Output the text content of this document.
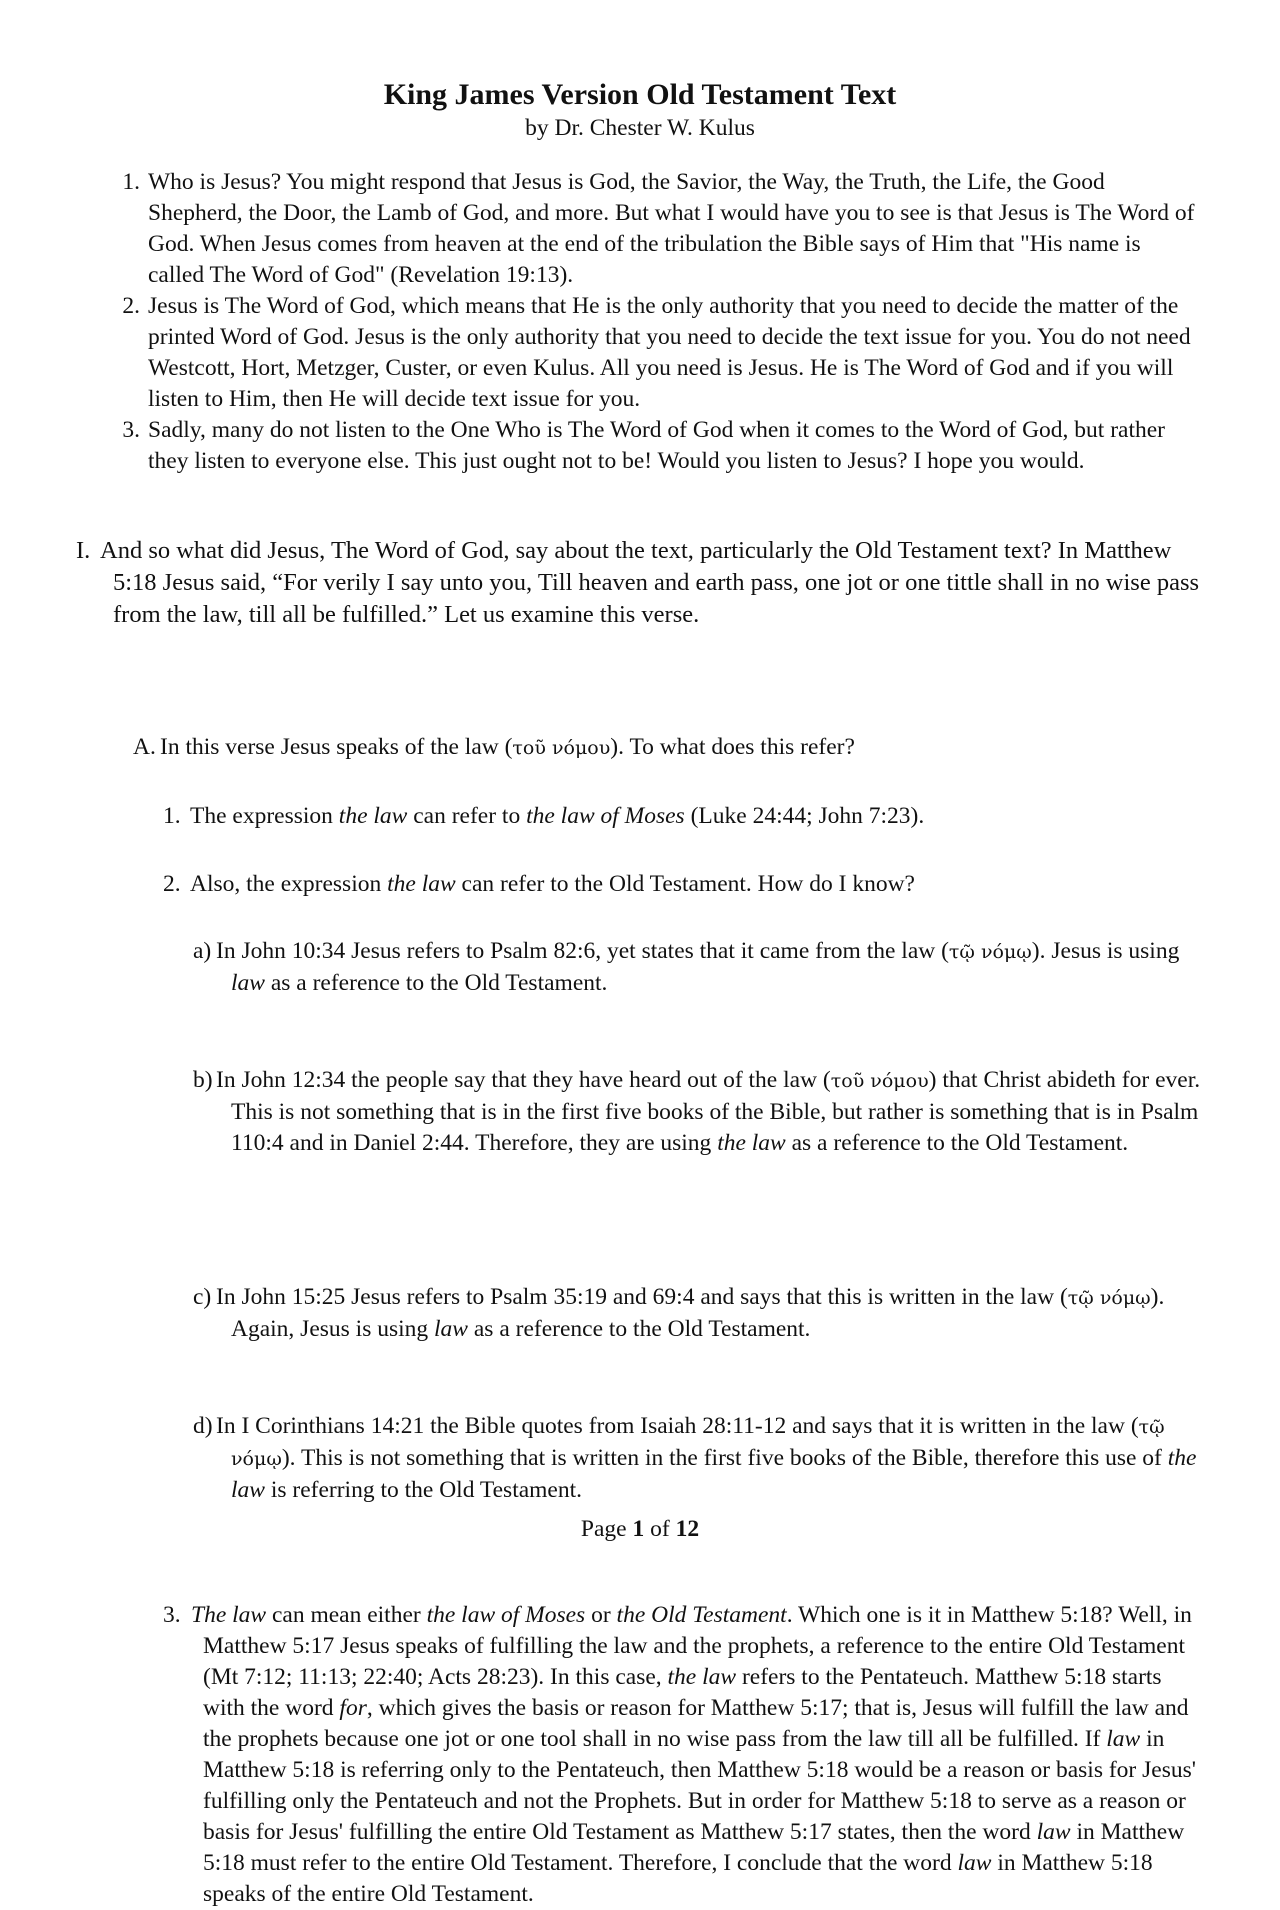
King James Version Old Testament Text
by Dr. Chester W. Kulus
1. Who is Jesus? You might respond that Jesus is God, the Savior, the Way, the Truth, the Life, the Good Shepherd, the Door, the Lamb of God, and more. But what I would have you to see is that Jesus is The Word of God. When Jesus comes from heaven at the end of the tribulation the Bible says of Him that "His name is called The Word of God" (Revelation 19:13).
2. Jesus is The Word of God, which means that He is the only authority that you need to decide the matter of the printed Word of God. Jesus is the only authority that you need to decide the text issue for you. You do not need Westcott, Hort, Metzger, Custer, or even Kulus. All you need is Jesus. He is The Word of God and if you will listen to Him, then He will decide text issue for you.
3. Sadly, many do not listen to the One Who is The Word of God when it comes to the Word of God, but rather they listen to everyone else. This just ought not to be! Would you listen to Jesus? I hope you would.
I. And so what did Jesus, The Word of God, say about the text, particularly the Old Testament text? In Matthew 5:18 Jesus said, “For verily I say unto you, Till heaven and earth pass, one jot or one tittle shall in no wise pass from the law, till all be fulfilled.” Let us examine this verse.
A. In this verse Jesus speaks of the law (τοῦ νόμου). To what does this refer?
1. The expression the law can refer to the law of Moses (Luke 24:44; John 7:23).
2. Also, the expression the law can refer to the Old Testament. How do I know?
a) In John 10:34 Jesus refers to Psalm 82:6, yet states that it came from the law (τῷ νόμῳ). Jesus is using law as a reference to the Old Testament.
b) In John 12:34 the people say that they have heard out of the law (τοῦ νόμου) that Christ abideth for ever. This is not something that is in the first five books of the Bible, but rather is something that is in Psalm 110:4 and in Daniel 2:44. Therefore, they are using the law as a reference to the Old Testament.
c) In John 15:25 Jesus refers to Psalm 35:19 and 69:4 and says that this is written in the law (τῷ νόμῳ). Again, Jesus is using law as a reference to the Old Testament.
d) In I Corinthians 14:21 the Bible quotes from Isaiah 28:11-12 and says that it is written in the law (τῷ νόμῳ). This is not something that is written in the first five books of the Bible, therefore this use of the law is referring to the Old Testament.
3. The law can mean either the law of Moses or the Old Testament. Which one is it in Matthew 5:18? Well, in Matthew 5:17 Jesus speaks of fulfilling the law and the prophets, a reference to the entire Old Testament (Mt 7:12; 11:13; 22:40; Acts 28:23). In this case, the law refers to the Pentateuch. Matthew 5:18 starts with the word for, which gives the basis or reason for Matthew 5:17; that is, Jesus will fulfill the law and the prophets because one jot or one tool shall in no wise pass from the law till all be fulfilled. If law in Matthew 5:18 is referring only to the Pentateuch, then Matthew 5:18 would be a reason or basis for Jesus' fulfilling only the Pentateuch and not the Prophets. But in order for Matthew 5:18 to serve as a reason or basis for Jesus' fulfilling the entire Old Testament as Matthew 5:17 states, then the word law in Matthew 5:18 must refer to the entire Old Testament. Therefore, I conclude that the word law in Matthew 5:18 speaks of the entire Old Testament.
Page 1 of 12
